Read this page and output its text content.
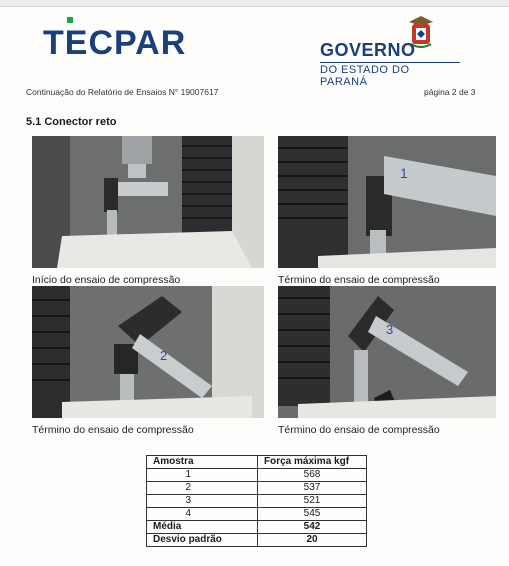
TECPAR	GOVERNO
DO ESTADO DO PARANÁ
Continuação do Relatório de Ensaios N° 19007617	página 2 de 3
5.1 Conector reto
Início do ensaio de compressão
1
Término do ensaio de compressão
2
Término do ensaio de compressão
3
Término do ensaio de compressão
Amostra	Força máxima kgf
1	568
2	537
3	521
4	545
Média	542
Desvio padrão	20
